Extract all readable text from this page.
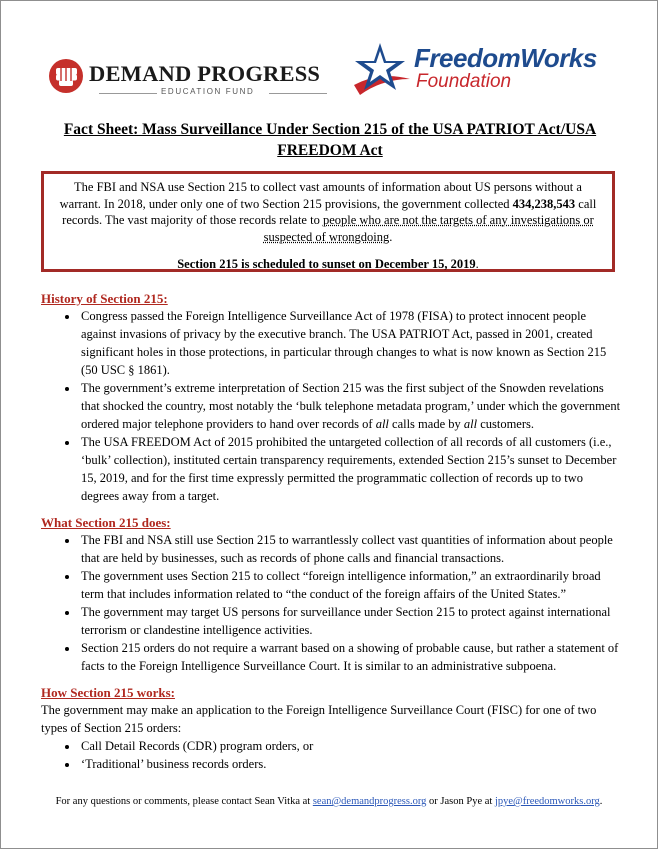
DEMAND PROGRESS
EDUCATION FUND
FreedomWorks
Foundation
Fact Sheet: Mass Surveillance Under Section 215 of the USA PATRIOT Act/USA FREEDOM Act
The FBI and NSA use Section 215 to collect vast amounts of information about US persons without a warrant. In 2018, under only one of two Section 215 provisions, the government collected 434,238,543 call records. The vast majority of those records relate to people who are not the targets of any investigations or suspected of wrongdoing.
Section 215 is scheduled to sunset on December 15, 2019.
History of Section 215:
• Congress passed the Foreign Intelligence Surveillance Act of 1978 (FISA) to protect innocent people against invasions of privacy by the executive branch. The USA PATRIOT Act, passed in 2001, created significant holes in those protections, in particular through changes to what is now known as Section 215 (50 USC § 1861).
• The government’s extreme interpretation of Section 215 was the first subject of the Snowden revelations that shocked the country, most notably the ‘bulk telephone metadata program,’ under which the government ordered major telephone providers to hand over records of all calls made by all customers.
• The USA FREEDOM Act of 2015 prohibited the untargeted collection of all records of all customers (i.e., ‘bulk’ collection), instituted certain transparency requirements, extended Section 215’s sunset to December 15, 2019, and for the first time expressly permitted the programmatic collection of records up to two degrees away from a target.
What Section 215 does:
• The FBI and NSA still use Section 215 to warrantlessly collect vast quantities of information about people that are held by businesses, such as records of phone calls and financial transactions.
• The government uses Section 215 to collect “foreign intelligence information,” an extraordinarily broad term that includes information related to “the conduct of the foreign affairs of the United States.”
• The government may target US persons for surveillance under Section 215 to protect against international terrorism or clandestine intelligence activities.
• Section 215 orders do not require a warrant based on a showing of probable cause, but rather a statement of facts to the Foreign Intelligence Surveillance Court. It is similar to an administrative subpoena.
How Section 215 works:

The government may make an application to the Foreign Intelligence Surveillance Court (FISC) for one of two types of Section 215 orders:

• Call Detail Records (CDR) program orders, or
• ‘Traditional’ business records orders.
For any questions or comments, please contact Sean Vitka at sean@demandprogress.org or Jason Pye at jpye@freedomworks.org.
